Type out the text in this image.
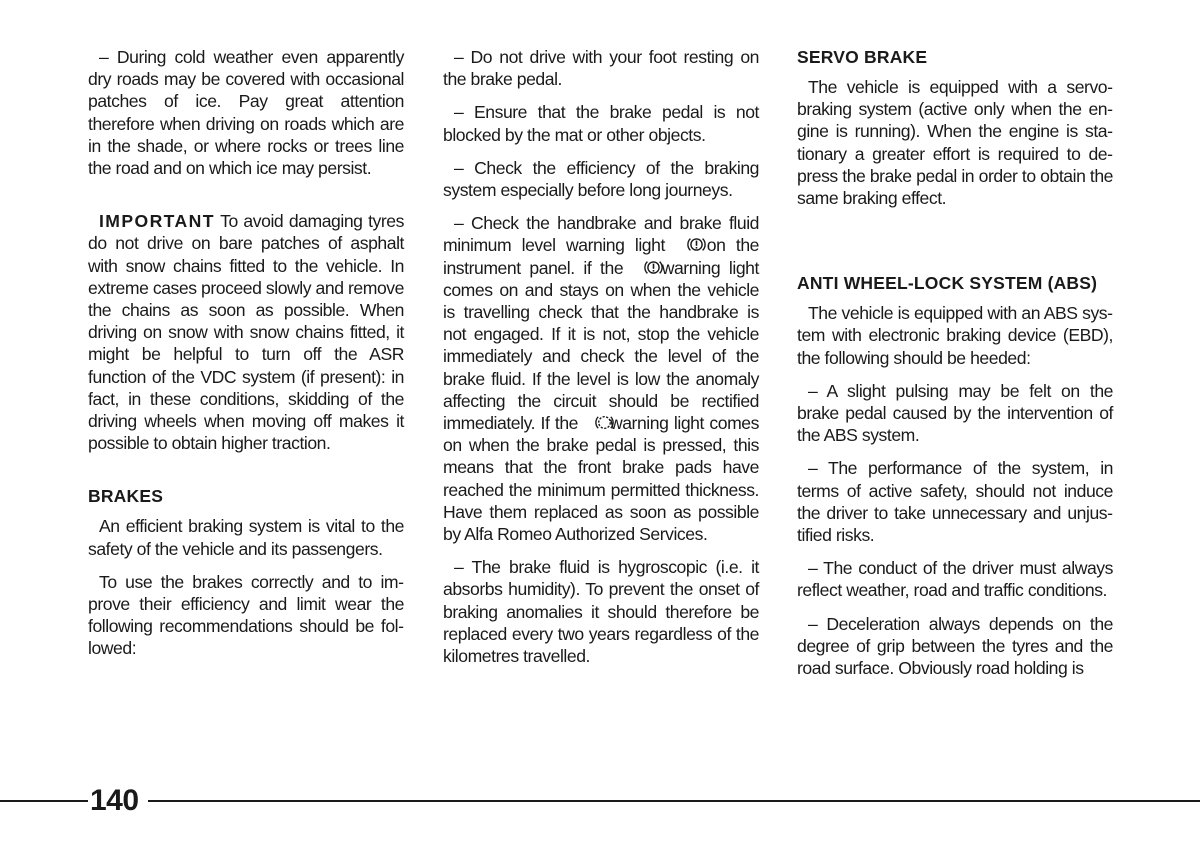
– During cold weather even apparently dry roads may be covered with occasional patches of ice. Pay great attention therefore when driving on roads which are in the shade, or where rocks or trees line the road and on which ice may persist.

IMPORTANT To avoid damaging tyres do not drive on bare patches of asphalt with snow chains fitted to the vehicle. In extreme cases proceed slowly and remove the chains as soon as possible. When driving on snow with snow chains fitted, it might be helpful to turn off the ASR function of the VDC system (if present): in fact, in these conditions, skidding of the driving wheels when moving off makes it possible to obtain higher traction.

BRAKES

An efficient braking system is vital to the safety of the vehicle and its passengers.

To use the brakes correctly and to improve their efficiency and limit wear the following recommendations should be followed:

– Do not drive with your foot resting on the brake pedal.

– Ensure that the brake pedal is not blocked by the mat or other objects.

– Check the efficiency of the braking system especially before long journeys.

– Check the handbrake and brake fluid minimum level warning light on the instrument panel. if the warning light comes on and stays on when the vehicle is travelling check that the handbrake is not engaged. If it is not, stop the vehicle immediately and check the level of the brake fluid. If the level is low the anomaly affecting the circuit should be rectified immediately. If the warning light comes on when the brake pedal is pressed, this means that the front brake pads have reached the minimum permitted thickness. Have them replaced as soon as possible by Alfa Romeo Authorized Services.

– The brake fluid is hygroscopic (i.e. it absorbs humidity). To prevent the onset of braking anomalies it should therefore be replaced every two years regardless of the kilometres travelled.

SERVO BRAKE

The vehicle is equipped with a servobraking system (active only when the engine is running). When the engine is stationary a greater effort is required to depress the brake pedal in order to obtain the same braking effect.

ANTI WHEEL-LOCK SYSTEM (ABS)

The vehicle is equipped with an ABS system with electronic braking device (EBD), the following should be heeded:

– A slight pulsing may be felt on the brake pedal caused by the intervention of the ABS system.

– The performance of the system, in terms of active safety, should not induce the driver to take unnecessary and unjustified risks.

– The conduct of the driver must always reflect weather, road and traffic conditions.

– Deceleration always depends on the degree of grip between the tyres and the road surface. Obviously road holding is

140
